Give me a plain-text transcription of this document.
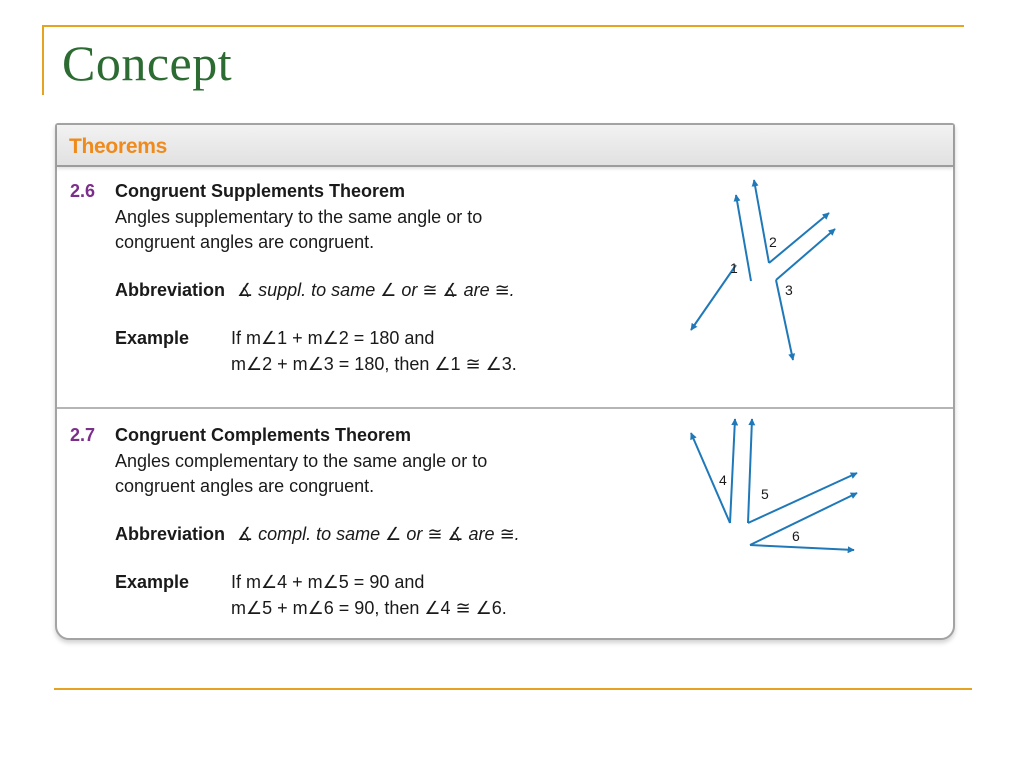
Concept
Theorems
2.6 Congruent Supplements Theorem
Angles supplementary to the same angle or to
congruent angles are congruent.
Abbreviation ∡ suppl. to same ∠ or ≅ ∡ are ≅.
Example If m∠1 + m∠2 = 180 and
m∠2 + m∠3 = 180, then ∠1 ≅ ∠3.
2.7 Congruent Complements Theorem
Angles complementary to the same angle or to
congruent angles are congruent.
Abbreviation ∡ compl. to same ∠ or ≅ ∡ are ≅.
Example If m∠4 + m∠5 = 90 and
m∠5 + m∠6 = 90, then ∠4 ≅ ∠6.
1
2
3
4
5
6
